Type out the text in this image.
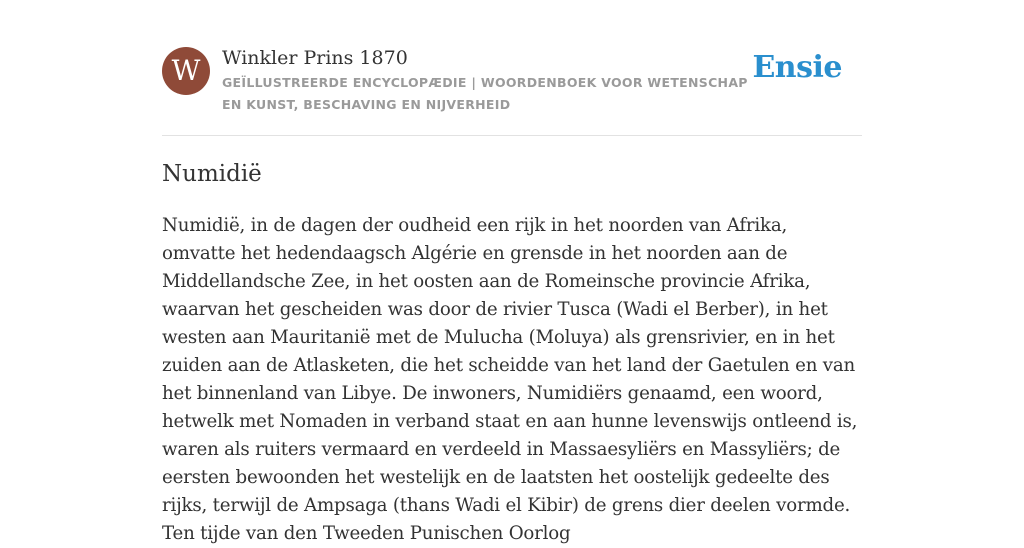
W	Winkler Prins 1870
GEÏLLUSTREERDE ENCYCLOPÆDIE | WOORDENBOEK VOOR WETENSCHAP EN KUNST, BESCHAVING EN NIJVERHEID
Ensie
Numidië
Numidië, in de dagen der oudheid een rijk in het noorden van Afrika, omvatte het hedendaagsch Algérie en grensde in het noorden aan de Middellandsche Zee, in het oosten aan de Romeinsche provincie Afrika, waarvan het gescheiden was door de rivier Tusca (Wadi el Berber), in het westen aan Mauritanië met de Mulucha (Moluya) als grensrivier, en in het zuiden aan de Atlasketen, die het scheidde van het land der Gaetulen en van het binnenland van Libye. De inwoners, Numidiërs genaamd, een woord, hetwelk met Nomaden in verband staat en aan hunne levenswijs ontleend is, waren als ruiters vermaard en verdeeld in Massaesyliërs en Massyliërs; de eersten bewoonden het westelijk en de laatsten het oostelijk gedeelte des rijks, terwijl de Ampsaga (thans Wadi el Kibir) de grens dier deelen vormde. Ten tijde van den Tweeden Punischen Oorlog
